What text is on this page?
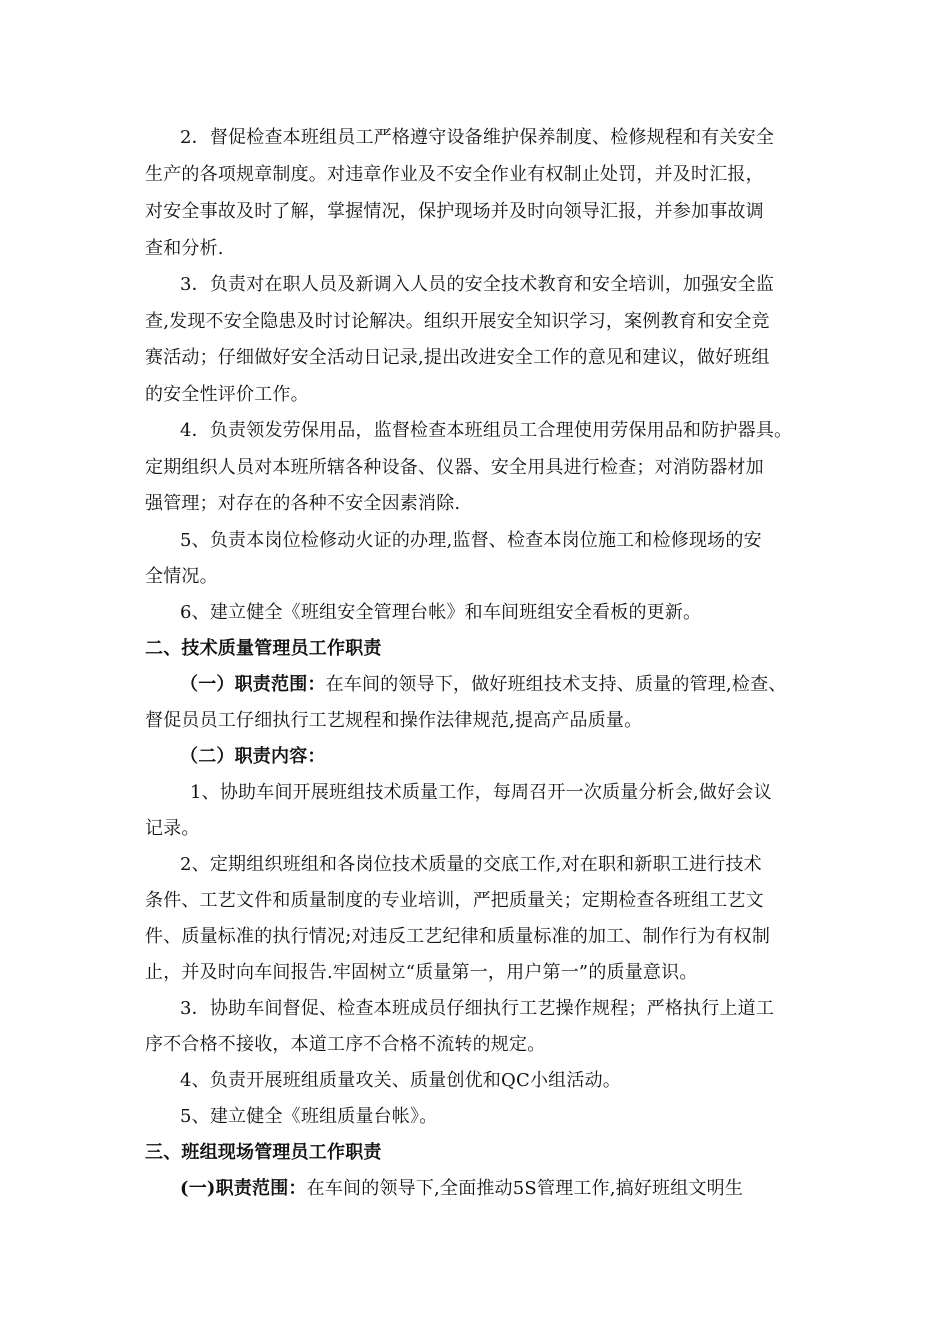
2．督促检查本班组员工严格遵守设备维护保养制度、检修规程和有关安全
生产的各项规章制度。对违章作业及不安全作业有权制止处罚，并及时汇报，
对安全事故及时了解，掌握情况，保护现场并及时向领导汇报，并参加事故调
查和分析.
3．负责对在职人员及新调入人员的安全技术教育和安全培训，加强安全监
查,发现不安全隐患及时讨论解决。组织开展安全知识学习，案例教育和安全竞
赛活动；仔细做好安全活动日记录,提出改进安全工作的意见和建议，做好班组
的安全性评价工作。
4．负责领发劳保用品，监督检查本班组员工合理使用劳保用品和防护器具。
定期组织人员对本班所辖各种设备、仪器、安全用具进行检查；对消防器材加
强管理；对存在的各种不安全因素消除.
5、负责本岗位检修动火证的办理,监督、检查本岗位施工和检修现场的安
全情况。
6、建立健全《班组安全管理台帐》和车间班组安全看板的更新。
二、技术质量管理员工作职责
（一）职责范围：在车间的领导下，做好班组技术支持、质量的管理,检查、
督促员员工仔细执行工艺规程和操作法律规范,提高产品质量。
（二）职责内容：
1、协助车间开展班组技术质量工作，每周召开一次质量分析会,做好会议
记录。
2、定期组织班组和各岗位技术质量的交底工作,对在职和新职工进行技术
条件、工艺文件和质量制度的专业培训，严把质量关；定期检查各班组工艺文
件、质量标准的执行情况;对违反工艺纪律和质量标准的加工、制作行为有权制
止，并及时向车间报告.牢固树立“质量第一，用户第一”的质量意识。
3．协助车间督促、检查本班成员仔细执行工艺操作规程；严格执行上道工
序不合格不接收，本道工序不合格不流转的规定。
4、负责开展班组质量攻关、质量创优和QC小组活动。
5、建立健全《班组质量台帐》。
三、班组现场管理员工作职责
(一)职责范围：在车间的领导下,全面推动5S管理工作,搞好班组文明生
